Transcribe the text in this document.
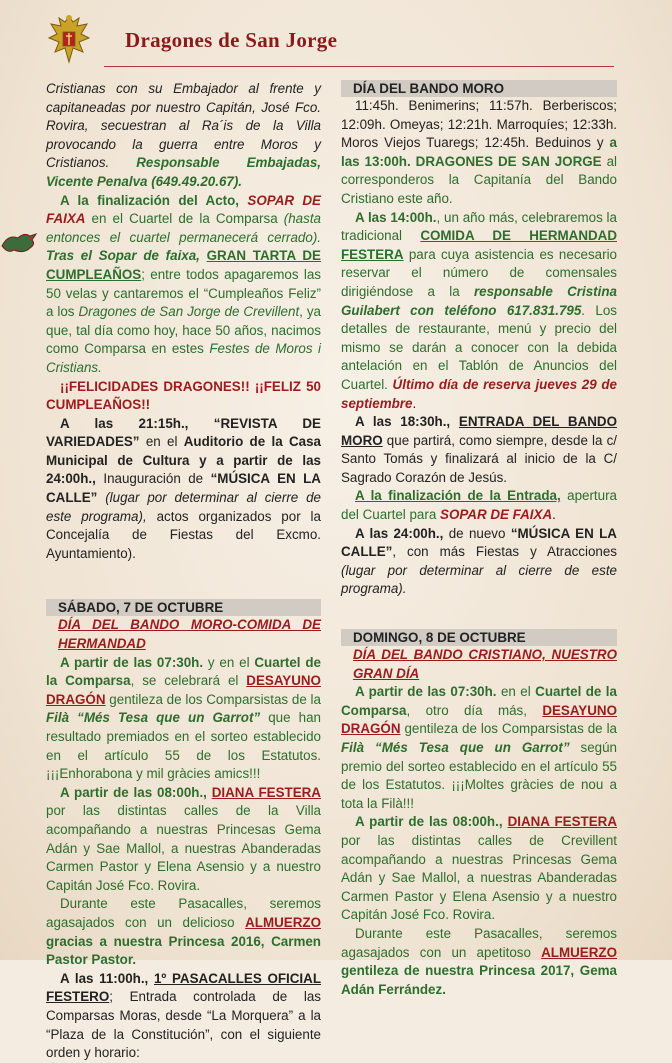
Dragones de San Jorge

Cristianas con su Embajador al frente y capitaneadas por nuestro Capitán, José Fco. Rovira, secuestran al Ra´is de la Villa provocando la guerra entre Moros y Cristianos. Responsable Embajadas, Vicente Penalva (649.49.20.67).

A la finalización del Acto, SOPAR DE FAIXA en el Cuartel de la Comparsa (hasta entonces el cuartel permanecerá cerrado). Tras el Sopar de faixa, GRAN TARTA DE CUMPLEAÑOS; entre todos apagaremos las 50 velas y cantaremos el “Cumpleaños Feliz” a los Dragones de San Jorge de Crevillent, ya que, tal día como hoy, hace 50 años, nacimos como Comparsa en estes Festes de Moros i Cristians.

¡¡FELICIDADES DRAGONES!! ¡¡FELIZ 50 CUMPLEAÑOS!!

A las 21:15h., “REVISTA DE VARIEDADES” en el Auditorio de la Casa Municipal de Cultura y a partir de las 24:00h., Inauguración de “MÚSICA EN LA CALLE” (lugar por determinar al cierre de este programa), actos organizados por la Concejalía de Fiestas del Excmo. Ayuntamiento).

SÁBADO, 7 DE OCTUBRE
DÍA DEL BANDO MORO-COMIDA DE HERMANDAD

A partir de las 07:30h. y en el Cuartel de la Comparsa, se celebrará el DESAYUNO DRAGÓN gentileza de los Comparsistas de la Filà “Més Tesa que un Garrot” que han resultado premiados en el sorteo establecido en el artículo 55 de los Estatutos. ¡¡¡Enhorabona y mil gràcies amics!!!

A partir de las 08:00h., DIANA FESTERA por las distintas calles de la Villa acompañando a nuestras Princesas Gema Adán y Sae Mallol, a nuestras Abanderadas Carmen Pastor y Elena Asensio y a nuestro Capitán José Fco. Rovira.

Durante este Pasacalles, seremos agasajados con un delicioso ALMUERZO gracias a nuestra Princesa 2016, Carmen Pastor Pastor.

A las 11:00h., 1º PASACALLES OFICIAL FESTERO; Entrada controlada de las Comparsas Moras, desde “La Morquera” a la “Plaza de la Constitución”, con el siguiente orden y horario:

DÍA DEL BANDO MORO

11:45h. Benimerins; 11:57h. Berberiscos; 12:09h. Omeyas; 12:21h. Marroquíes; 12:33h. Moros Viejos Tuaregs; 12:45h. Beduinos y a las 13:00h. DRAGONES DE SAN JORGE al corresponderos la Capitanía del Bando Cristiano este año.

A las 14:00h., un año más, celebraremos la tradicional COMIDA DE HERMANDAD FESTERA para cuya asistencia es necesario reservar el número de comensales dirigiéndose a la responsable Cristina Guilabert con teléfono 617.831.795. Los detalles de restaurante, menú y precio del mismo se darán a conocer con la debida antelación en el Tablón de Anuncios del Cuartel. Último día de reserva jueves 29 de septiembre.

A las 18:30h., ENTRADA DEL BANDO MORO que partirá, como siempre, desde la c/ Santo Tomás y finalizará al inicio de la C/ Sagrado Corazón de Jesús.

A la finalización de la Entrada, apertura del Cuartel para SOPAR DE FAIXA.

A las 24:00h., de nuevo “MÚSICA EN LA CALLE”, con más Fiestas y Atracciones (lugar por determinar al cierre de este programa).

DOMINGO, 8 DE OCTUBRE
DÍA DEL BANDO CRISTIANO, NUESTRO GRAN DÍA

A partir de las 07:30h. en el Cuartel de la Comparsa, otro día más, DESAYUNO DRAGÓN gentileza de los Comparsistas de la Filà “Més Tesa que un Garrot” según premio del sorteo establecido en el artículo 55 de los Estatutos. ¡¡¡Moltes gràcies de nou a tota la Filà!!!

A partir de las 08:00h., DIANA FESTERA por las distintas calles de Crevillent acompañando a nuestras Princesas Gema Adán y Sae Mallol, a nuestras Abanderadas Carmen Pastor y Elena Asensio y a nuestro Capitán José Fco. Rovira.

Durante este Pasacalles, seremos agasajados con un apetitoso ALMUERZO gentileza de nuestra Princesa 2017, Gema Adán Ferrández.
